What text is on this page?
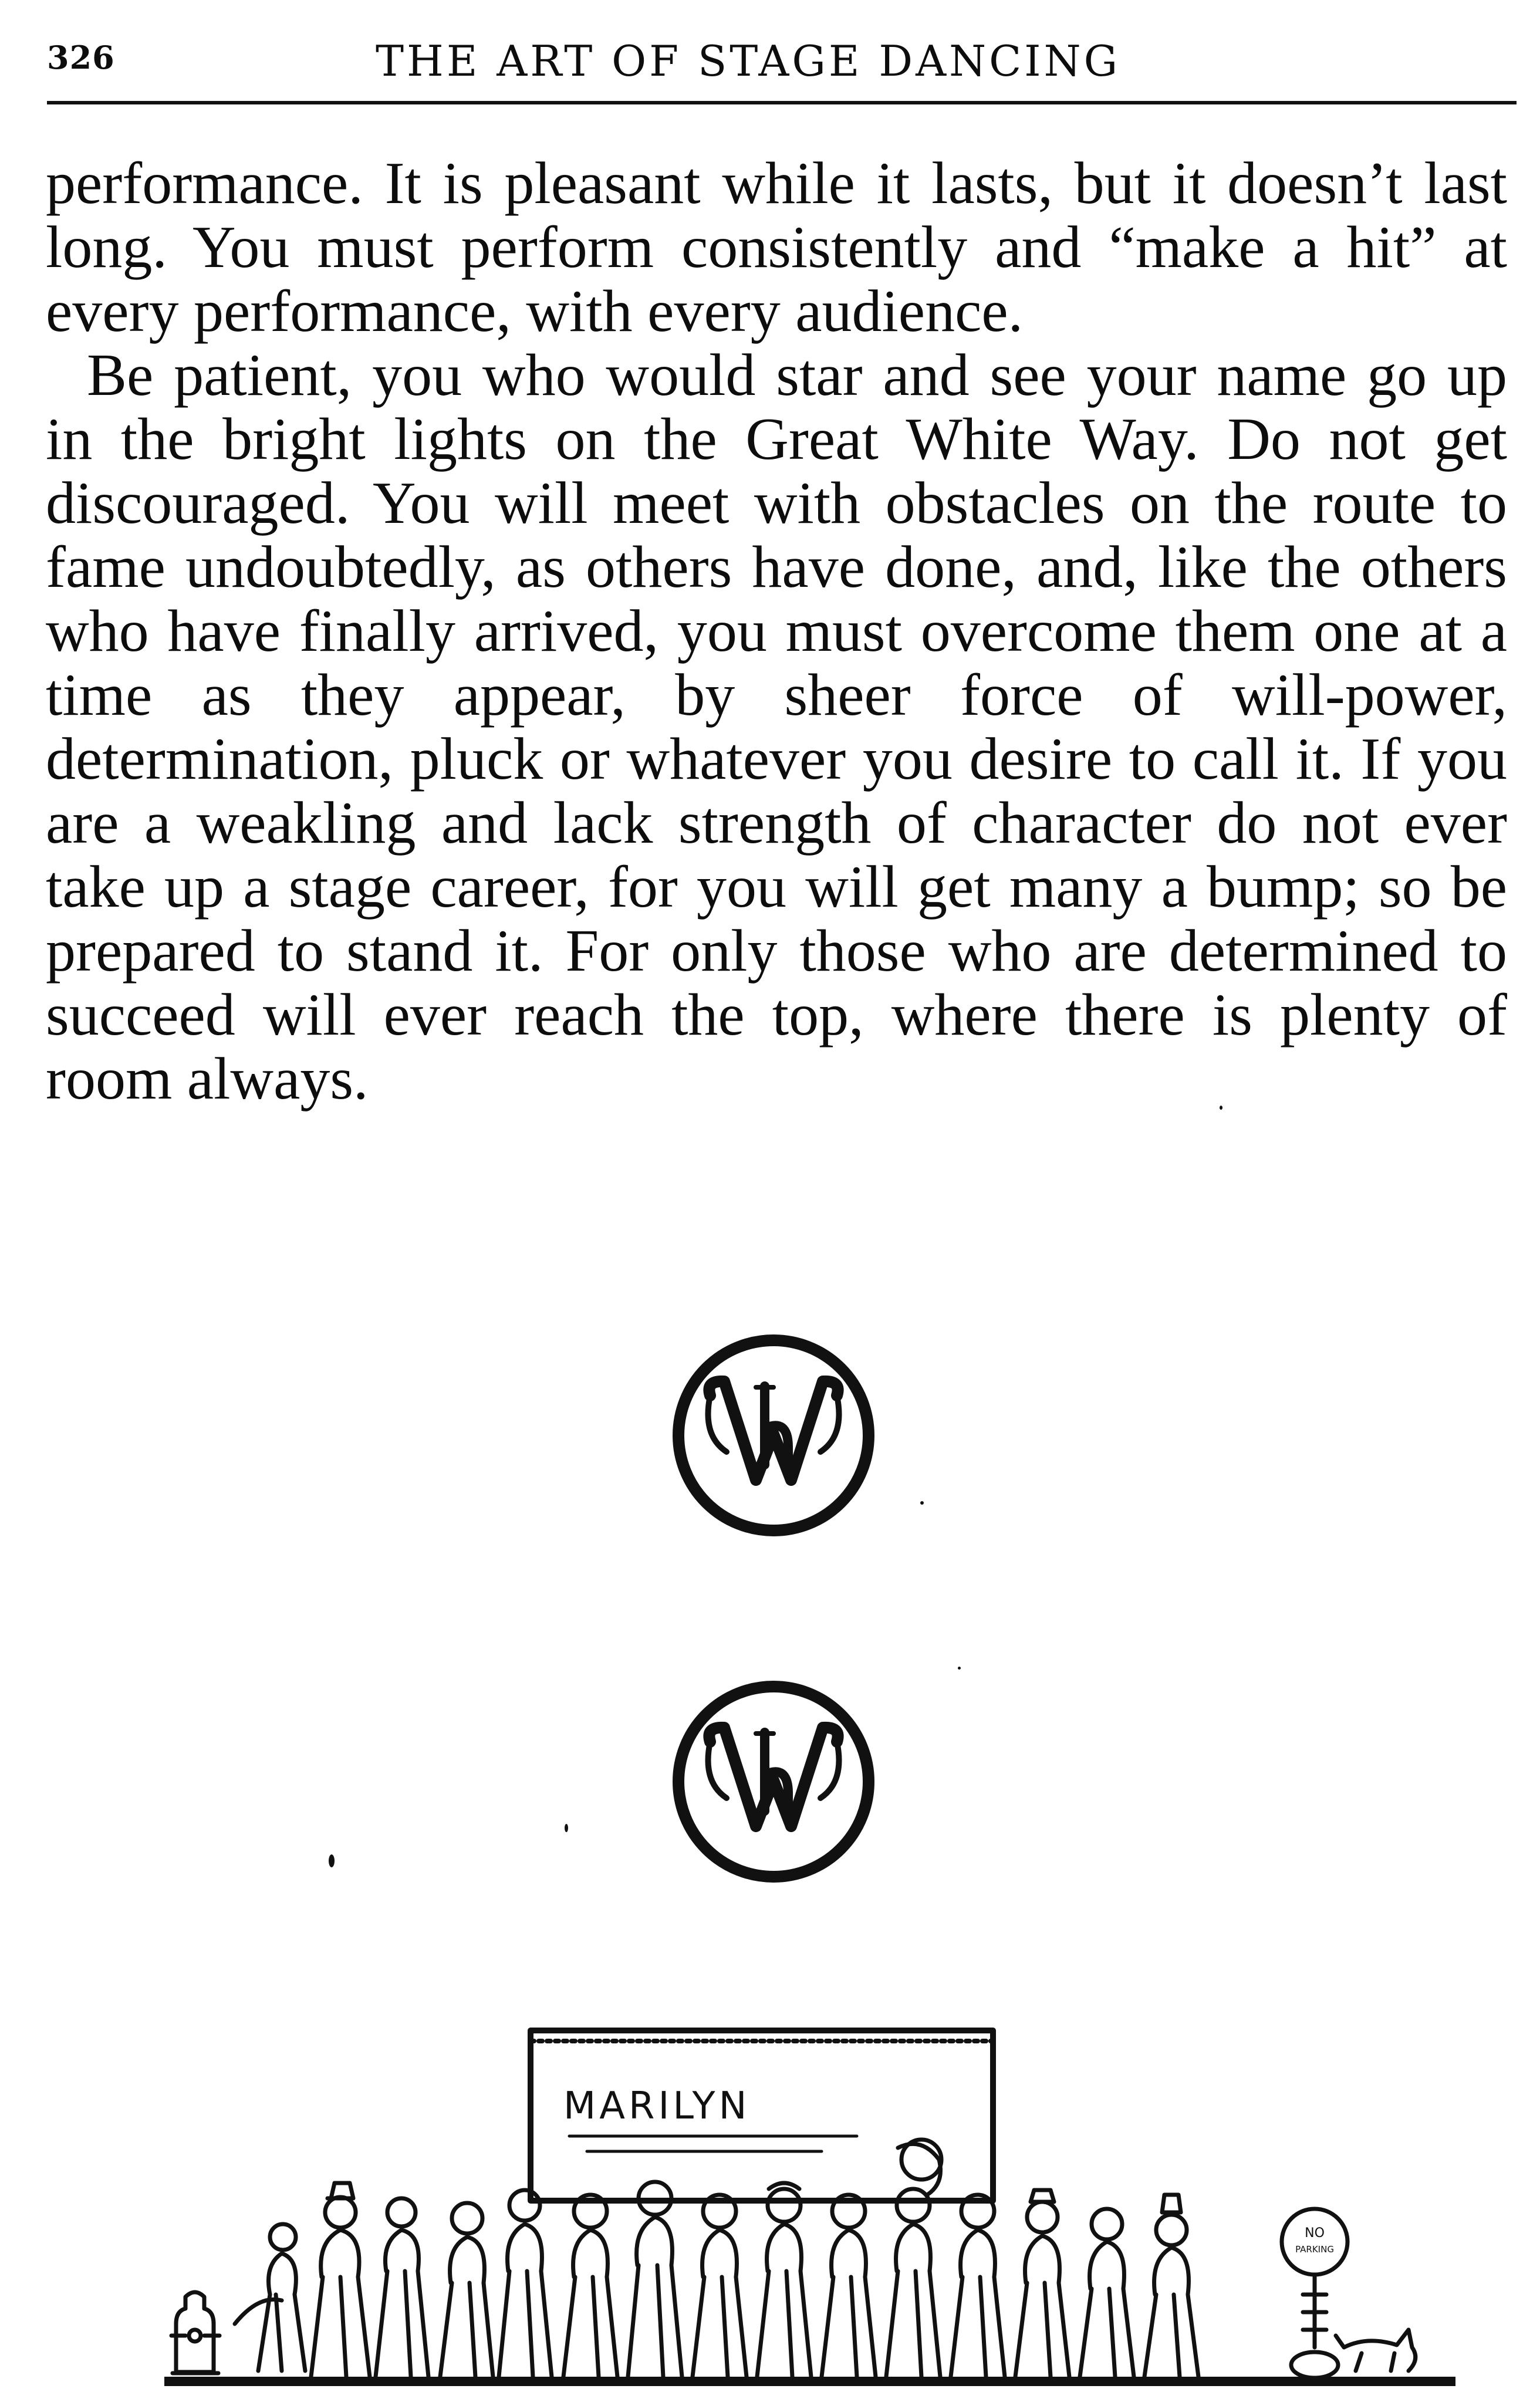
326	THE ART OF STAGE DANCING

performance. It is pleasant while it lasts, but it doesn’t last long. You must perform consistently and “make a hit” at every performance, with every audience.

Be patient, you who would star and see your name go up in the bright lights on the Great White Way. Do not get discouraged. You will meet with obstacles on the route to fame undoubtedly, as others have done, and, like the others who have finally arrived, you must overcome them one at a time as they appear, by sheer force of will-power, determination, pluck or whatever you desire to call it. If you are a weakling and lack strength of character do not ever take up a stage career, for you will get many a bump; so be prepared to stand it. For only those who are determined to succeed will ever reach the top, where there is plenty of room always.

MARILYN
NO
PARKING
